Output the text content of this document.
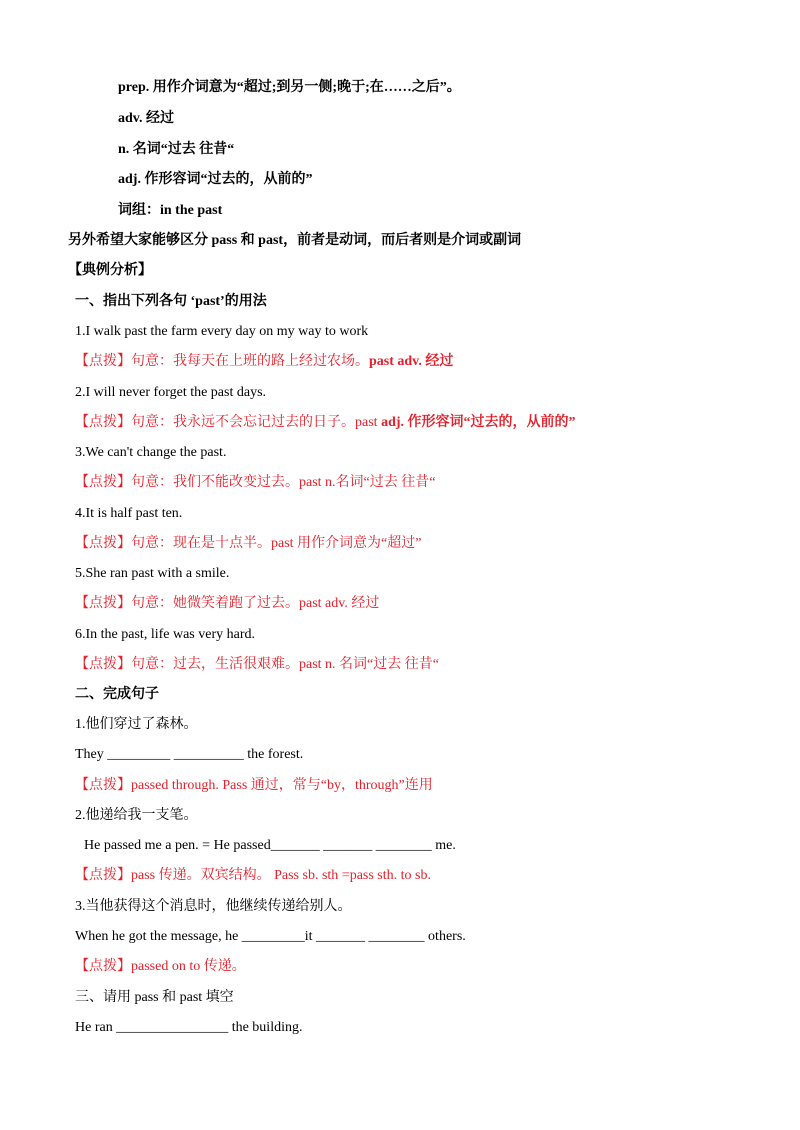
prep. 用作介词意为“超过;到另一侧;晚于;在……之后”。
adv. 经过
n. 名词“过去 往昔“
adj. 作形容词“过去的，从前的”
词组：in the past
另外希望大家能够区分 pass 和 past，前者是动词，而后者则是介词或副词
【典例分析】
一、指出下列各句 ‘past’的用法
1.I walk past the farm every day on my way to work
【点拨】句意：我每天在上班的路上经过农场。past adv. 经过
2.I will never forget the past days.
【点拨】句意：我永远不会忘记过去的日子。past adj. 作形容词“过去的，从前的”
3.We can't change the past.
【点拨】句意：我们不能改变过去。past n.名词“过去 往昔“
4.It is half past ten.
【点拨】句意：现在是十点半。past 用作介词意为“超过”
5.She ran past with a smile.
【点拨】句意：她微笑着跑了过去。past adv. 经过
6.In the past, life was very hard.
【点拨】句意：过去，生活很艰难。past n. 名词“过去 往昔“
二、完成句子
1.他们穿过了森林。
They _________ __________ the forest.
【点拨】passed through. Pass 通过，常与“by，through”连用
2.他递给我一支笔。
He passed me a pen. = He passed_______ _______ ________ me.
【点拨】pass 传递。双宾结构。 Pass sb. sth =pass sth. to sb.
3.当他获得这个消息时，他继续传递给别人。
When he got the message, he _________it _______ ________ others.
【点拨】passed on to 传递。
三、请用 pass 和 past 填空
He ran ________________ the building.
